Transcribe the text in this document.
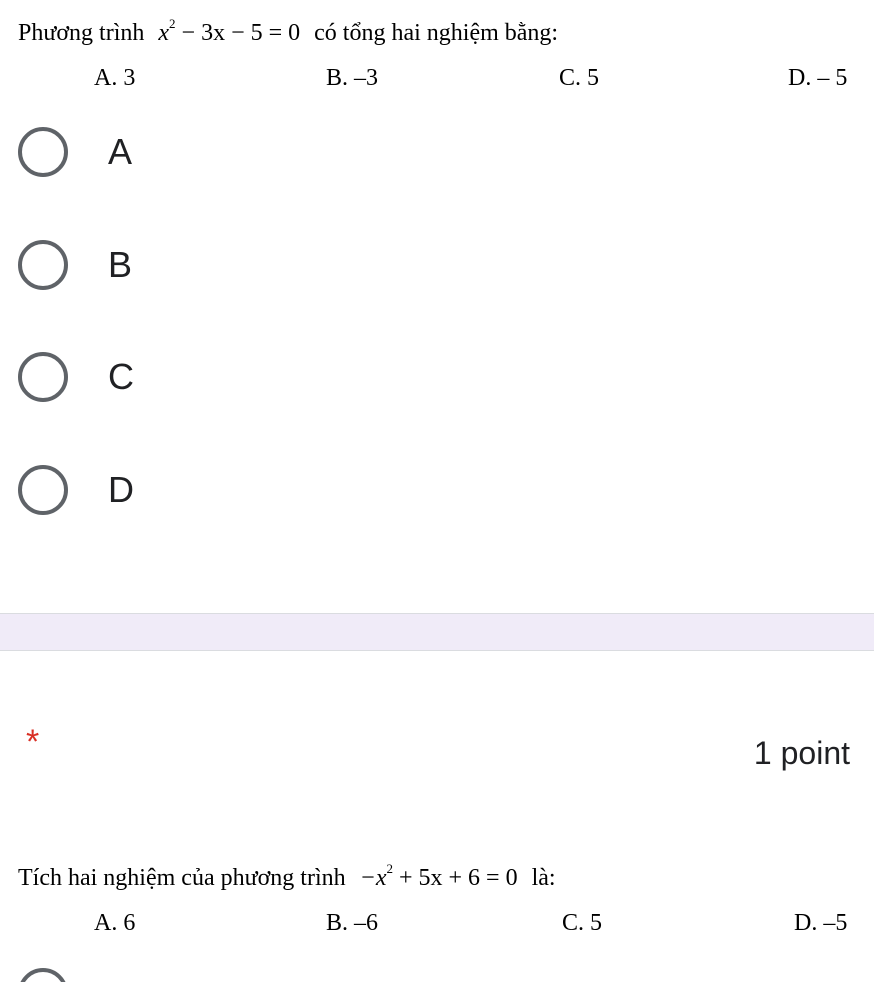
Phương trình $x^2 - 3x - 5 = 0$ có tổng hai nghiệm bằng:
A. 3	B. –3	C. 5	D. – 5
A
B
C
D
*	1 point
Tích hai nghiệm của phương trình $-x^2 + 5x + 6 = 0$ là:
A. 6	B. –6	C. 5	D. –5
